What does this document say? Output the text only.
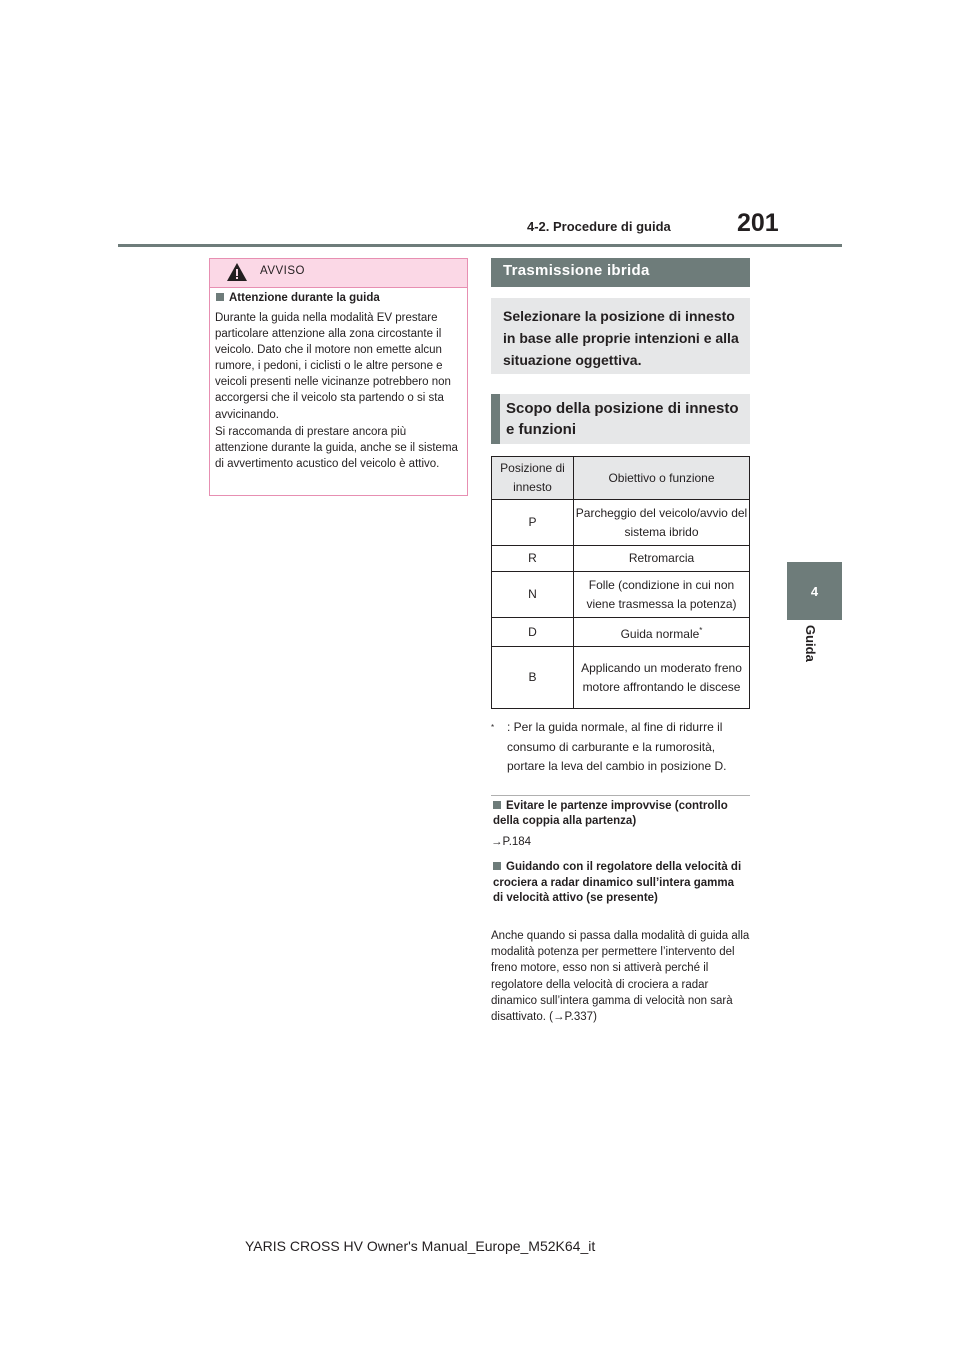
4-2. Procedure di guida	201
4
Guida
AVVISO
Attenzione durante la guida
Durante la guida nella modalità EV prestare particolare attenzione alla zona circostante il veicolo. Dato che il motore non emette alcun rumore, i pedoni, i ciclisti o le altre persone e veicoli presenti nelle vicinanze potrebbero non accorgersi che il veicolo sta partendo o si sta avvicinando.
Si raccomanda di prestare ancora più attenzione durante la guida, anche se il sistema di avvertimento acustico del veicolo è attivo.
Trasmissione ibrida
Selezionare la posizione di innesto in base alle proprie intenzioni e alla situazione oggettiva.
Scopo della posizione di innesto e funzioni
Posizione di innesto	Obiettivo o funzione
P	Parcheggio del veicolo/avvio del sistema ibrido
R	Retromarcia
N	Folle (condizione in cui non viene trasmessa la potenza)
D	Guida normale*
B	Applicando un moderato freno motore affrontando le discese
*	: Per la guida normale, al fine di ridurre il consumo di carburante e la rumorosità, portare la leva del cambio in posizione D.
Evitare le partenze improvvise (controllo della coppia alla partenza)
→P.184
Guidando con il regolatore della velocità di crociera a radar dinamico sull’intera gamma di velocità attivo (se presente)
Anche quando si passa dalla modalità di guida alla modalità potenza per permettere l’intervento del freno motore, esso non si attiverà perché il regolatore della velocità di crociera a radar dinamico sull’intera gamma di velocità non sarà disattivato. (→P.337)
YARIS CROSS HV Owner's Manual_Europe_M52K64_it
